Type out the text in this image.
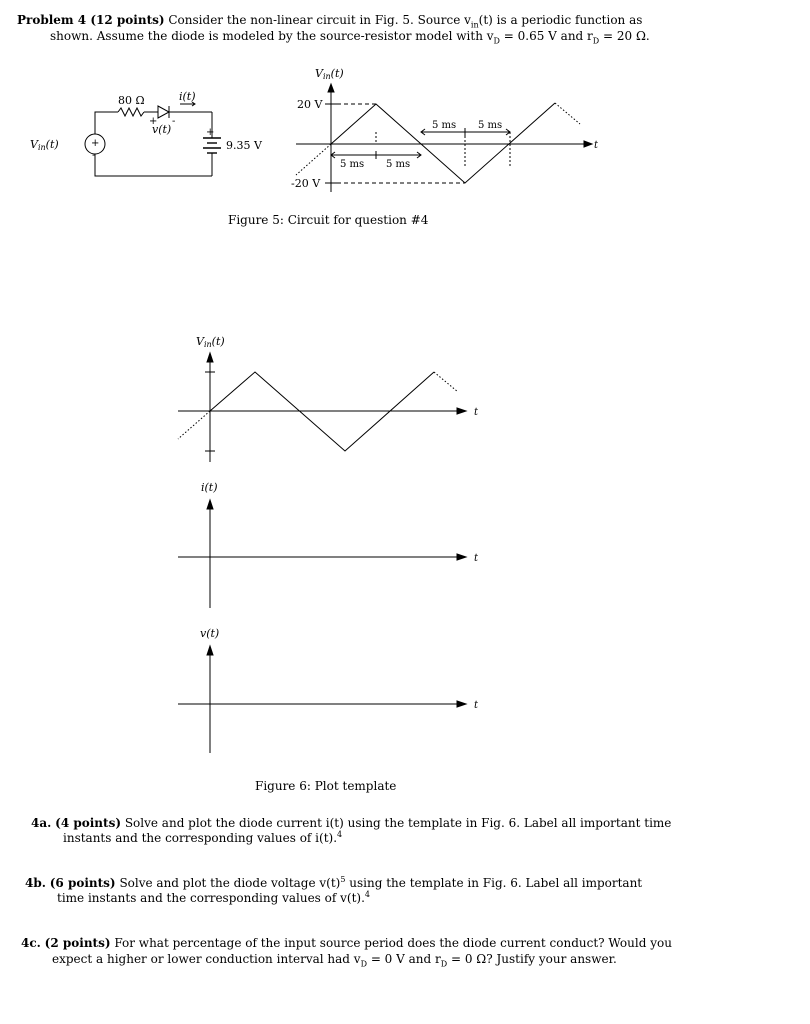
Problem 4 (12 points) Consider the non-linear circuit in Fig. 5. Source $v_{in}(t)$ is a periodic function as
shown. Assume the diode is modeled by the source-resistor model with $v_D = 0.65$ V and $r_D = 20$ Ω.
Vin(t)	+
-
80 Ω	i(t)
+ -
v(t)	+
9.35 V
Vin(t)
20 V
-20 V
t
5 ms 5 ms
5 ms 5 ms
Vin(t)
t
i(t)
t
v(t)
t
Figure 5: Circuit for question #4
Figure 6: Plot template
4a. (4 points) Solve and plot the diode current i(t) using the template in Fig. 6. Label all important time
instants and the corresponding values of i(t).$^4$
4b. (6 points) Solve and plot the diode voltage $v(t)^5$ using the template in Fig. 6. Label all important
time instants and the corresponding values of v(t).$^4$
4c. (2 points) For what percentage of the input source period does the diode current conduct? Would you
expect a higher or lower conduction interval had $v_D = 0$ V and $r_D = 0$ Ω? Justify your answer.
